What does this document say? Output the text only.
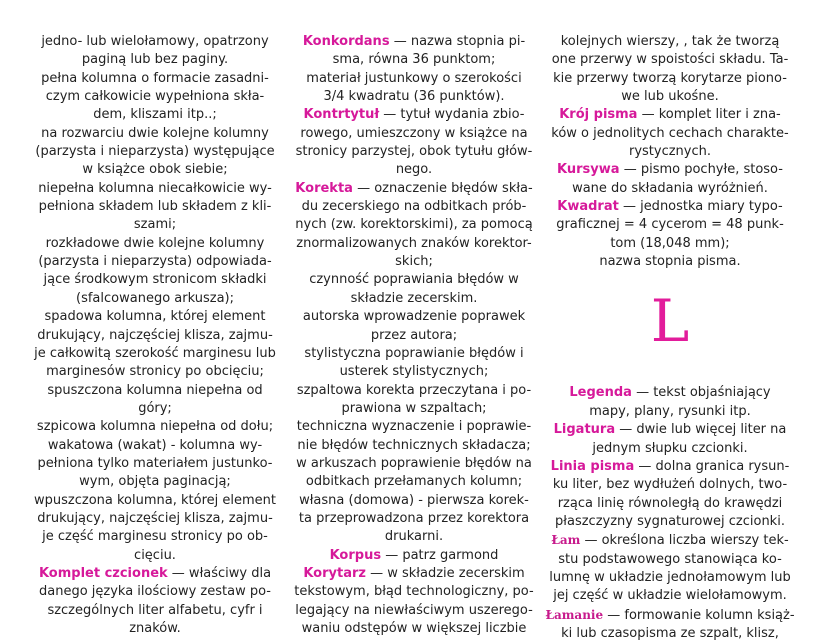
jedno- lub wielołamowy, opatrzony
paginą lub bez paginy.
pełna kolumna o formacie zasadni-
czym całkowicie wypełniona skła-
dem, kliszami itp..;
na rozwarciu dwie kolejne kolumny
(parzysta i nieparzysta) występujące
w książce obok siebie;
niepełna kolumna niecałkowicie wy-
pełniona składem lub składem z kli-
szami;
rozkładowe dwie kolejne kolumny
(parzysta i nieparzysta) odpowiada-
jące środkowym stronicom składki
(sfalcowanego arkusza);
spadowa kolumna, której element
drukujący, najczęściej klisza, zajmu-
je całkowitą szerokość marginesu lub
marginesów stronicy po obcięciu;
spuszczona kolumna niepełna od
góry;
szpicowa kolumna niepełna od dołu;
wakatowa (wakat) - kolumna wy-
pełniona tylko materiałem justunko-
wym, objęta paginacją;
wpuszczona kolumna, której element
drukujący, najczęściej klisza, zajmu-
je część marginesu stronicy po ob-
cięciu.
Komplet czcionek — właściwy dla
danego języka ilościowy zestaw po-
szczególnych liter alfabetu, cyfr i
znaków.
Konkordans — nazwa stopnia pi-
sma, równa 36 punktom;
materiał justunkowy o szerokości
3/4 kwadratu (36 punktów).
Kontrtytuł — tytuł wydania zbio-
rowego, umieszczony w książce na
stronicy parzystej, obok tytułu głów-
nego.
Korekta — oznaczenie błędów skła-
du zecerskiego na odbitkach prób-
nych (zw. korektorskimi), za pomocą
znormalizowanych znaków korektor-
skich;
czynność poprawiania błędów w
składzie zecerskim.
autorska wprowadzenie poprawek
przez autora;
stylistyczna poprawianie błędów i
usterek stylistycznych;
szpaltowa korekta przeczytana i po-
prawiona w szpaltach;
techniczna wyznaczenie i poprawie-
nie błędów technicznych składacza;
w arkuszach poprawienie błędów na
odbitkach przełamanych kolumn;
własna (domowa) - pierwsza korek-
ta przeprowadzona przez korektora
drukarni.
Korpus — patrz garmond
Korytarz — w składzie zecerskim
tekstowym, błąd technologiczny, po-
legający na niewłaściwym uszerego-
waniu odstępów w większej liczbie
kolejnych wierszy, , tak że tworzą
one przerwy w spoistości składu. Ta-
kie przerwy tworzą korytarze piono-
we lub ukośne.
Krój pisma — komplet liter i zna-
ków o jednolitych cechach charakte-
rystycznych.
Kursywa — pismo pochyłe, stoso-
wane do składania wyróżnień.
Kwadrat — jednostka miary typo-
graficznej = 4 cycerom = 48 punk-
tom (18,048 mm);
nazwa stopnia pisma.
L
Legenda — tekst objaśniający
mapy, plany, rysunki itp.
Ligatura — dwie lub więcej liter na
jednym słupku czcionki.
Linia pisma — dolna granica rysun-
ku liter, bez wydłużeń dolnych, two-
rząca linię równoległą do krawędzi
płaszczyzny sygnaturowej czcionki.
Łam — określona liczba wierszy tek-
stu podstawowego stanowiąca ko-
lumnę w układzie jednołamowym lub
jej część w układzie wielołamowym.
Łamanie — formowanie kolumn książ-
ki lub czasopisma ze szpalt, klisz,
